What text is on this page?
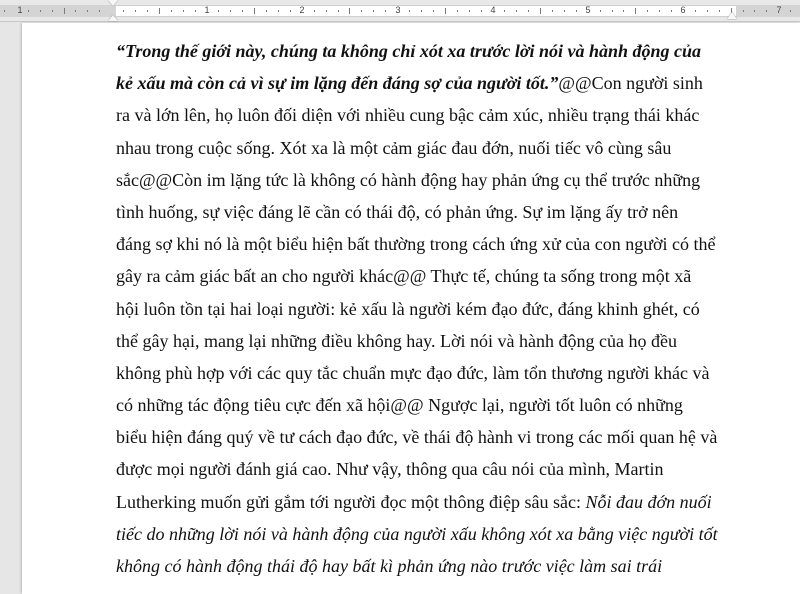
1	1	2	3	4	5	6	7
“Trong thế giới này, chúng ta không chỉ xót xa trước lời nói và hành động của
kẻ xấu mà còn cả vì sự im lặng đến đáng sợ của người tốt.”@@Con người sinh
ra và lớn lên, họ luôn đối diện với nhiều cung bậc cảm xúc, nhiều trạng thái khác
nhau trong cuộc sống. Xót xa là một cảm giác đau đớn, nuối tiếc vô cùng sâu
sắc@@Còn im lặng tức là không có hành động hay phản ứng cụ thể trước những
tình huống, sự việc đáng lẽ cần có thái độ, có phản ứng. Sự im lặng ấy trở nên
đáng sợ khi nó là một biểu hiện bất thường trong cách ứng xử của con người có thể
gây ra cảm giác bất an cho người khác@@ Thực tế, chúng ta sống trong một xã
hội luôn tồn tại hai loại người: kẻ xấu là người kém đạo đức, đáng khinh ghét, có
thể gây hại, mang lại những điều không hay. Lời nói và hành động của họ đều
không phù hợp với các quy tắc chuẩn mực đạo đức, làm tổn thương người khác và
có những tác động tiêu cực đến xã hội@@ Ngược lại, người tốt luôn có những
biểu hiện đáng quý về tư cách đạo đức, về thái độ hành vi trong các mối quan hệ và
được mọi người đánh giá cao. Như vậy, thông qua câu nói của mình, Martin
Lutherking muốn gửi gắm tới người đọc một thông điệp sâu sắc: Nỗi đau đớn nuối
tiếc do những lời nói và hành động của người xấu không xót xa bằng việc người tốt
không có hành động thái độ hay bất kì phản ứng nào trước việc làm sai trái
